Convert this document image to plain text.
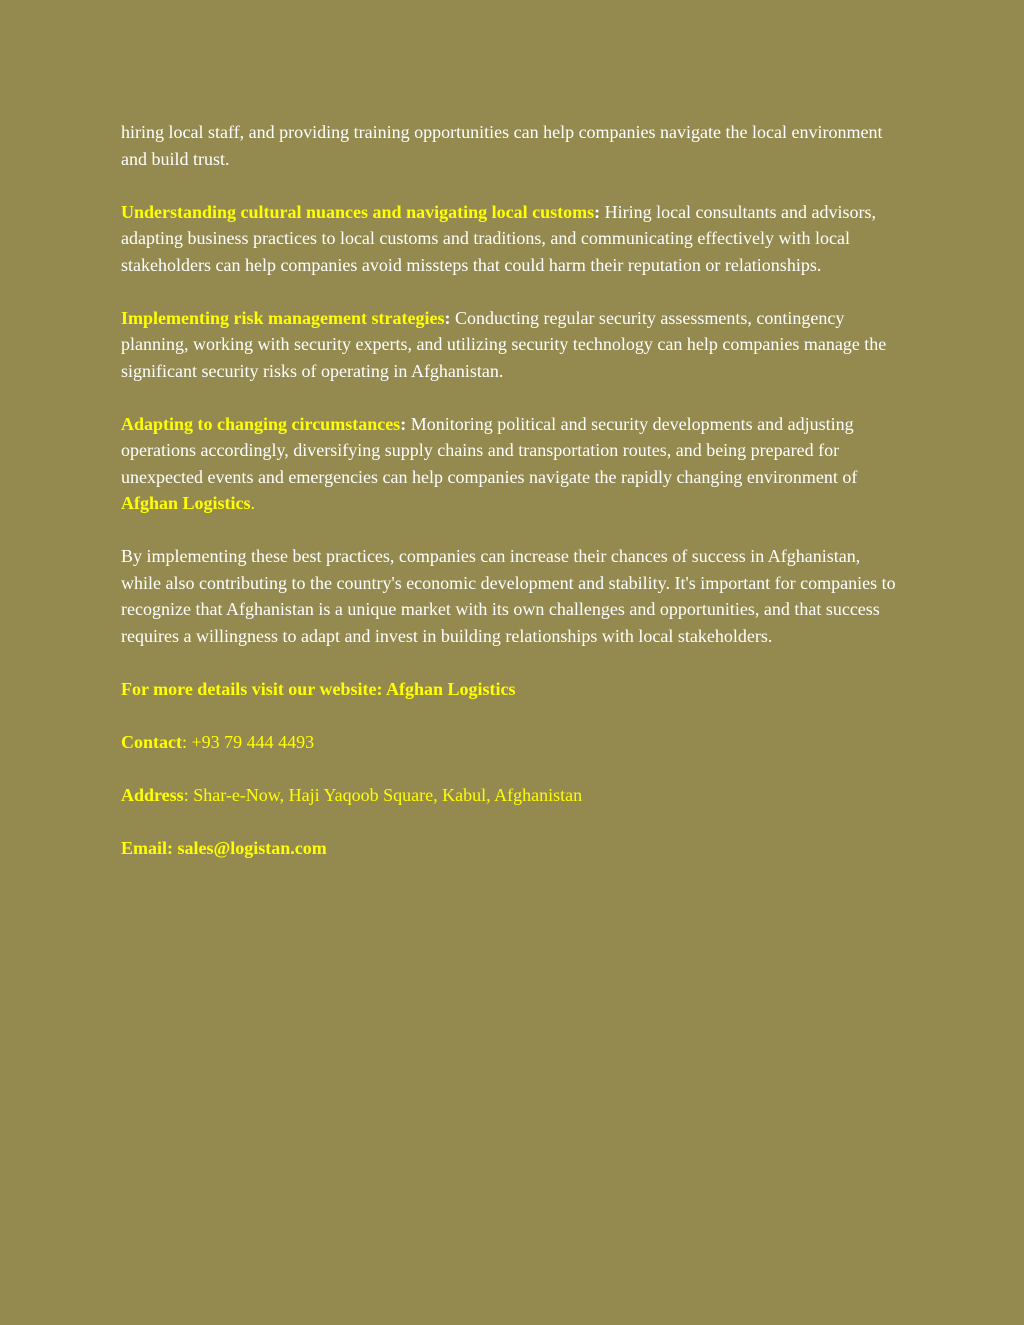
hiring local staff, and providing training opportunities can help companies navigate the local environment and build trust.

Understanding cultural nuances and navigating local customs: Hiring local consultants and advisors, adapting business practices to local customs and traditions, and communicating effectively with local stakeholders can help companies avoid missteps that could harm their reputation or relationships.

Implementing risk management strategies: Conducting regular security assessments, contingency planning, working with security experts, and utilizing security technology can help companies manage the significant security risks of operating in Afghanistan.

Adapting to changing circumstances: Monitoring political and security developments and adjusting operations accordingly, diversifying supply chains and transportation routes, and being prepared for unexpected events and emergencies can help companies navigate the rapidly changing environment of Afghan Logistics.

By implementing these best practices, companies can increase their chances of success in Afghanistan, while also contributing to the country's economic development and stability. It's important for companies to recognize that Afghanistan is a unique market with its own challenges and opportunities, and that success requires a willingness to adapt and invest in building relationships with local stakeholders.

For more details visit our website: Afghan Logistics

Contact: +93 79 444 4493

Address: Shar-e-Now, Haji Yaqoob Square, Kabul, Afghanistan

Email: sales@logistan.com
